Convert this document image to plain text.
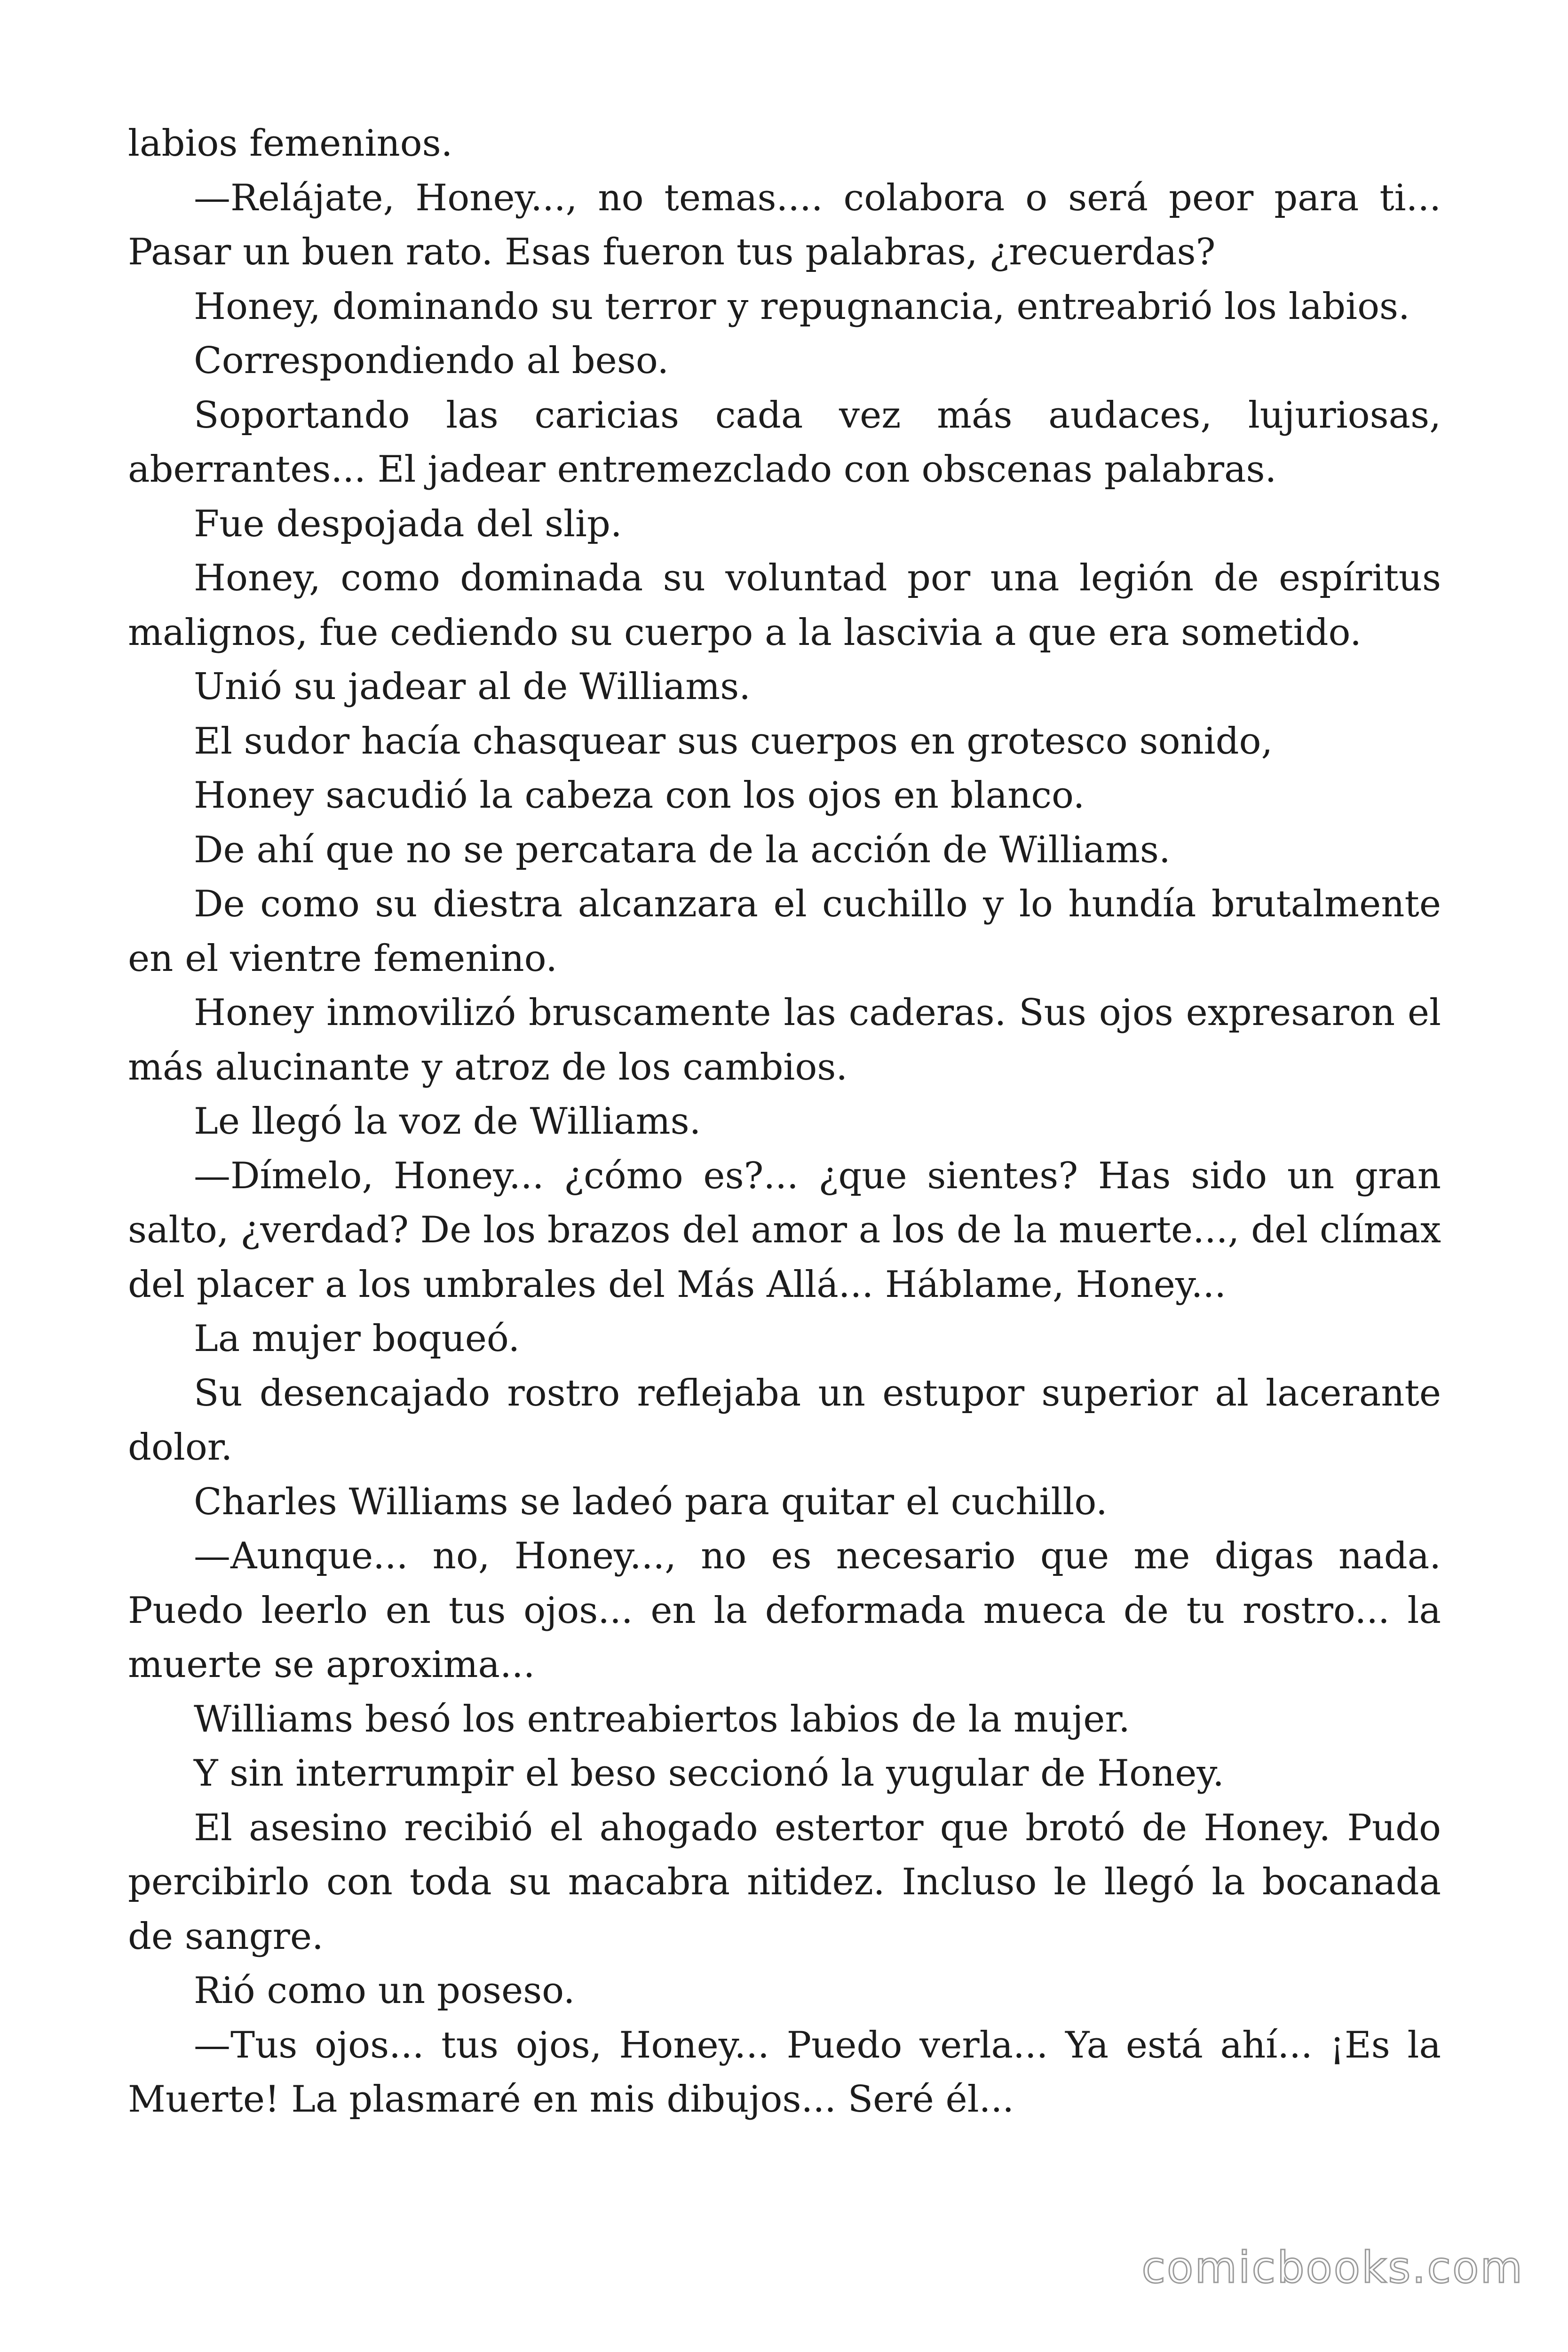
labios femeninos.

—Relájate, Honey..., no temas.... colabora o será peor para ti... Pasar un buen rato. Esas fueron tus palabras, ¿recuerdas?

Honey, dominando su terror y repugnancia, entreabrió los labios.

Correspondiendo al beso.

Soportando las caricias cada vez más audaces, lujuriosas, aberrantes... El jadear entremezclado con obscenas palabras.

Fue despojada del slip.

Honey, como dominada su voluntad por una legión de espíritus malignos, fue cediendo su cuerpo a la lascivia a que era sometido.

Unió su jadear al de Williams.

El sudor hacía chasquear sus cuerpos en grotesco sonido,

Honey sacudió la cabeza con los ojos en blanco.

De ahí que no se percatara de la acción de Williams.

De como su diestra alcanzara el cuchillo y lo hundía brutalmente en el vientre femenino.

Honey inmovilizó bruscamente las caderas. Sus ojos expresaron el más alucinante y atroz de los cambios.

Le llegó la voz de Williams.

—Dímelo, Honey... ¿cómo es?... ¿que sientes? Has sido un gran salto, ¿verdad? De los brazos del amor a los de la muerte..., del clímax del placer a los umbrales del Más Allá... Háblame, Honey...

La mujer boqueó.

Su desencajado rostro reflejaba un estupor superior al lacerante dolor.

Charles Williams se ladeó para quitar el cuchillo.

—Aunque... no, Honey..., no es necesario que me digas nada. Puedo leerlo en tus ojos... en la deformada mueca de tu rostro... la muerte se aproxima...

Williams besó los entreabiertos labios de la mujer.

Y sin interrumpir el beso seccionó la yugular de Honey.

El asesino recibió el ahogado estertor que brotó de Honey. Pudo percibirlo con toda su macabra nitidez. Incluso le llegó la bocanada de sangre.

Rió como un poseso.

—Tus ojos... tus ojos, Honey... Puedo verla... Ya está ahí... ¡Es la Muerte! La plasmaré en mis dibujos... Seré él...

comicbooks.com
